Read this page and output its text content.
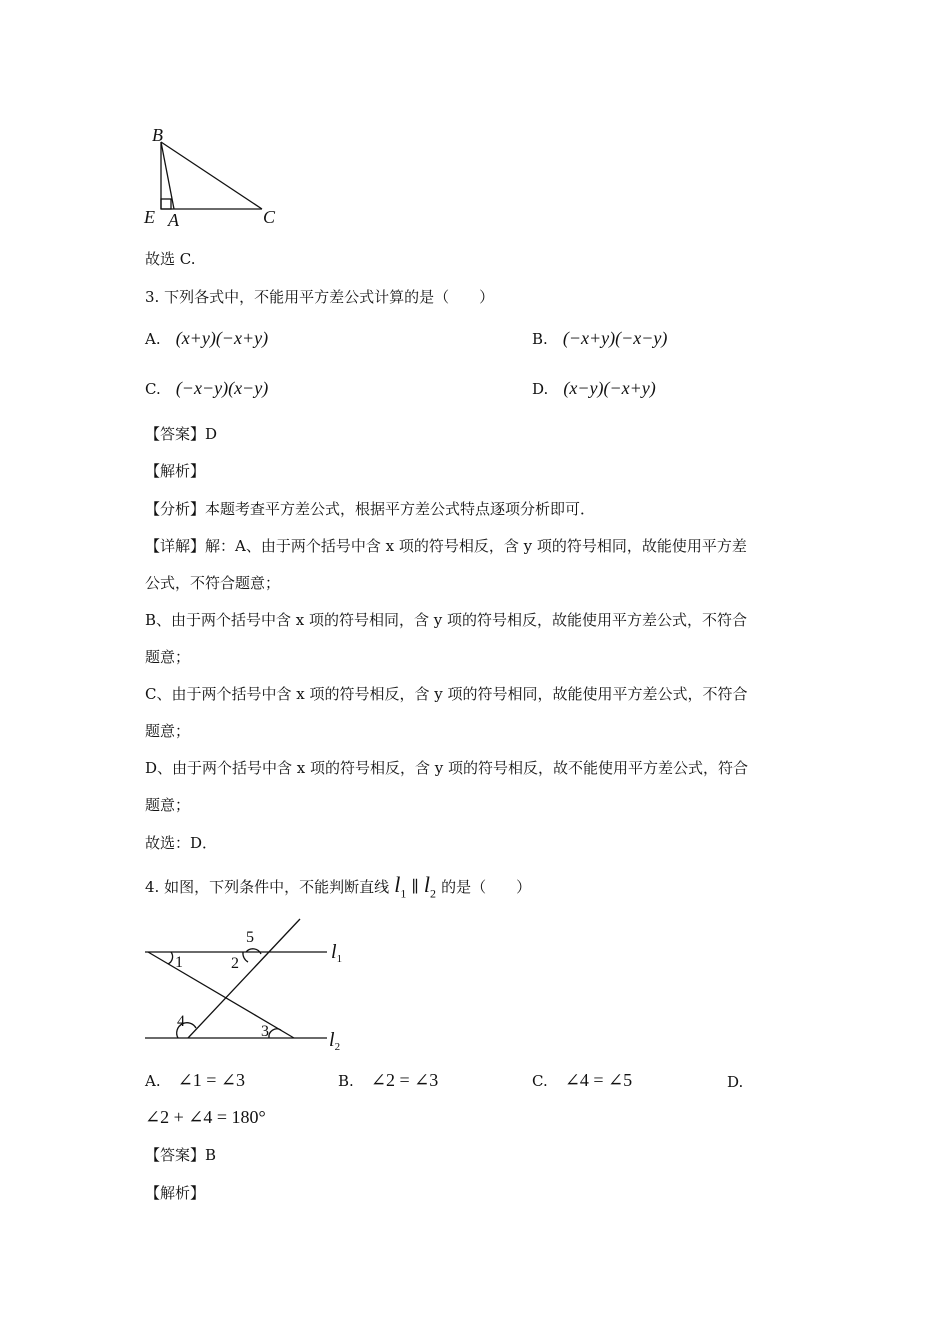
B
E A	C
故选 C.
3. 下列各式中，不能用平方差公式计算的是（　　）
A. (x+y)(−x+y)	B. (−x+y)(−x−y)
C. (−x−y)(x−y)	D. (x−y)(−x+y)
【答案】D
【解析】
【分析】本题考查平方差公式，根据平方差公式特点逐项分析即可．
【详解】解：A、由于两个括号中含 x 项的符号相反，含 y 项的符号相同，故能使用平方差
公式，不符合题意；
B、由于两个括号中含 x 项的符号相同，含 y 项的符号相反，故能使用平方差公式，不符合
题意；
C、由于两个括号中含 x 项的符号相反，含 y 项的符号相同，故能使用平方差公式，不符合
题意；
D、由于两个括号中含 x 项的符号相反，含 y 项的符号相反，故不能使用平方差公式，符合
题意；
故选：D．
4. 如图，下列条件中，不能判断直线 $l_1$ ∥ $l_2$ 的是（　　）
1	2
5
4
3
$l_1$
$l_2$
A. ∠1 = ∠3	B. ∠2 = ∠3	C. ∠4 = ∠5	D.
∠2 + ∠4 = 180°
【答案】B
【解析】
